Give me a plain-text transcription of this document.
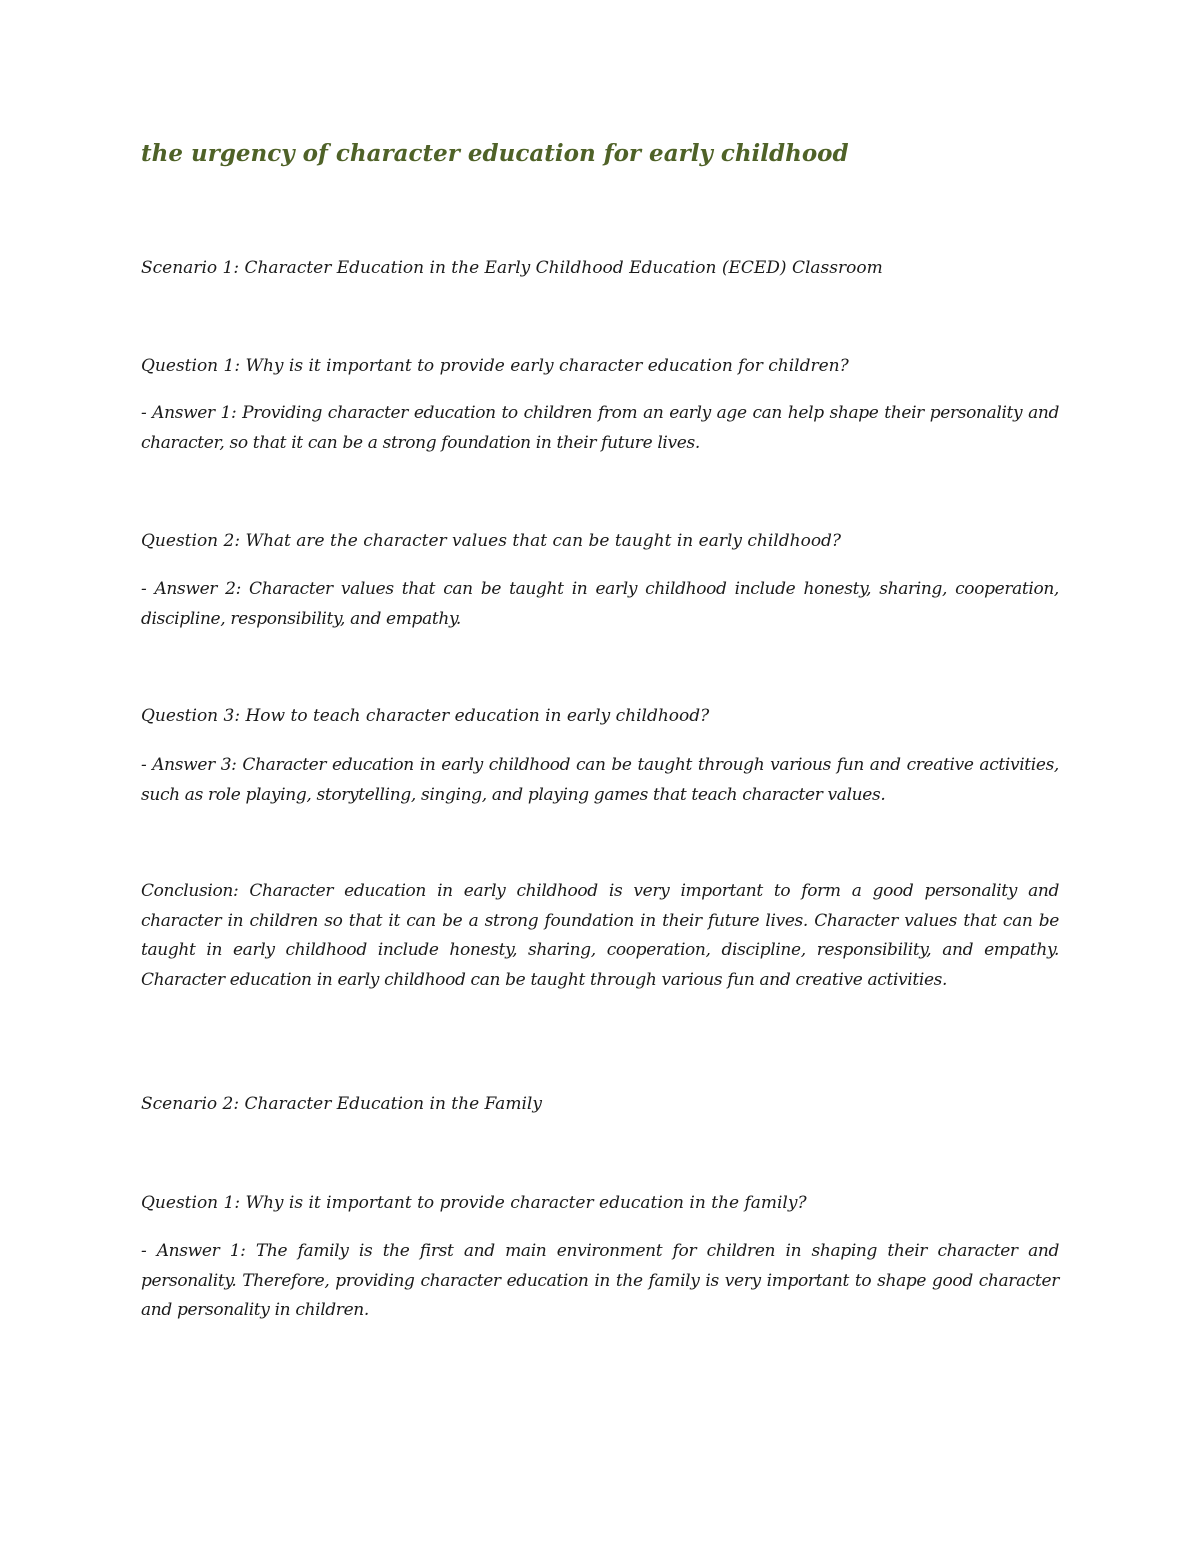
the urgency of character education for early childhood

Scenario 1: Character Education in the Early Childhood Education (ECED) Classroom

Question 1: Why is it important to provide early character education for children?

- Answer 1: Providing character education to children from an early age can help shape their personality and character, so that it can be a strong foundation in their future lives.

Question 2: What are the character values that can be taught in early childhood?

- Answer 2: Character values that can be taught in early childhood include honesty, sharing, cooperation, discipline, responsibility, and empathy.

Question 3: How to teach character education in early childhood?

- Answer 3: Character education in early childhood can be taught through various fun and creative activities, such as role playing, storytelling, singing, and playing games that teach character values.

Conclusion: Character education in early childhood is very important to form a good personality and character in children so that it can be a strong foundation in their future lives. Character values that can be taught in early childhood include honesty, sharing, cooperation, discipline, responsibility, and empathy. Character education in early childhood can be taught through various fun and creative activities.

Scenario 2: Character Education in the Family

Question 1: Why is it important to provide character education in the family?

- Answer 1: The family is the first and main environment for children in shaping their character and personality. Therefore, providing character education in the family is very important to shape good character and personality in children.
